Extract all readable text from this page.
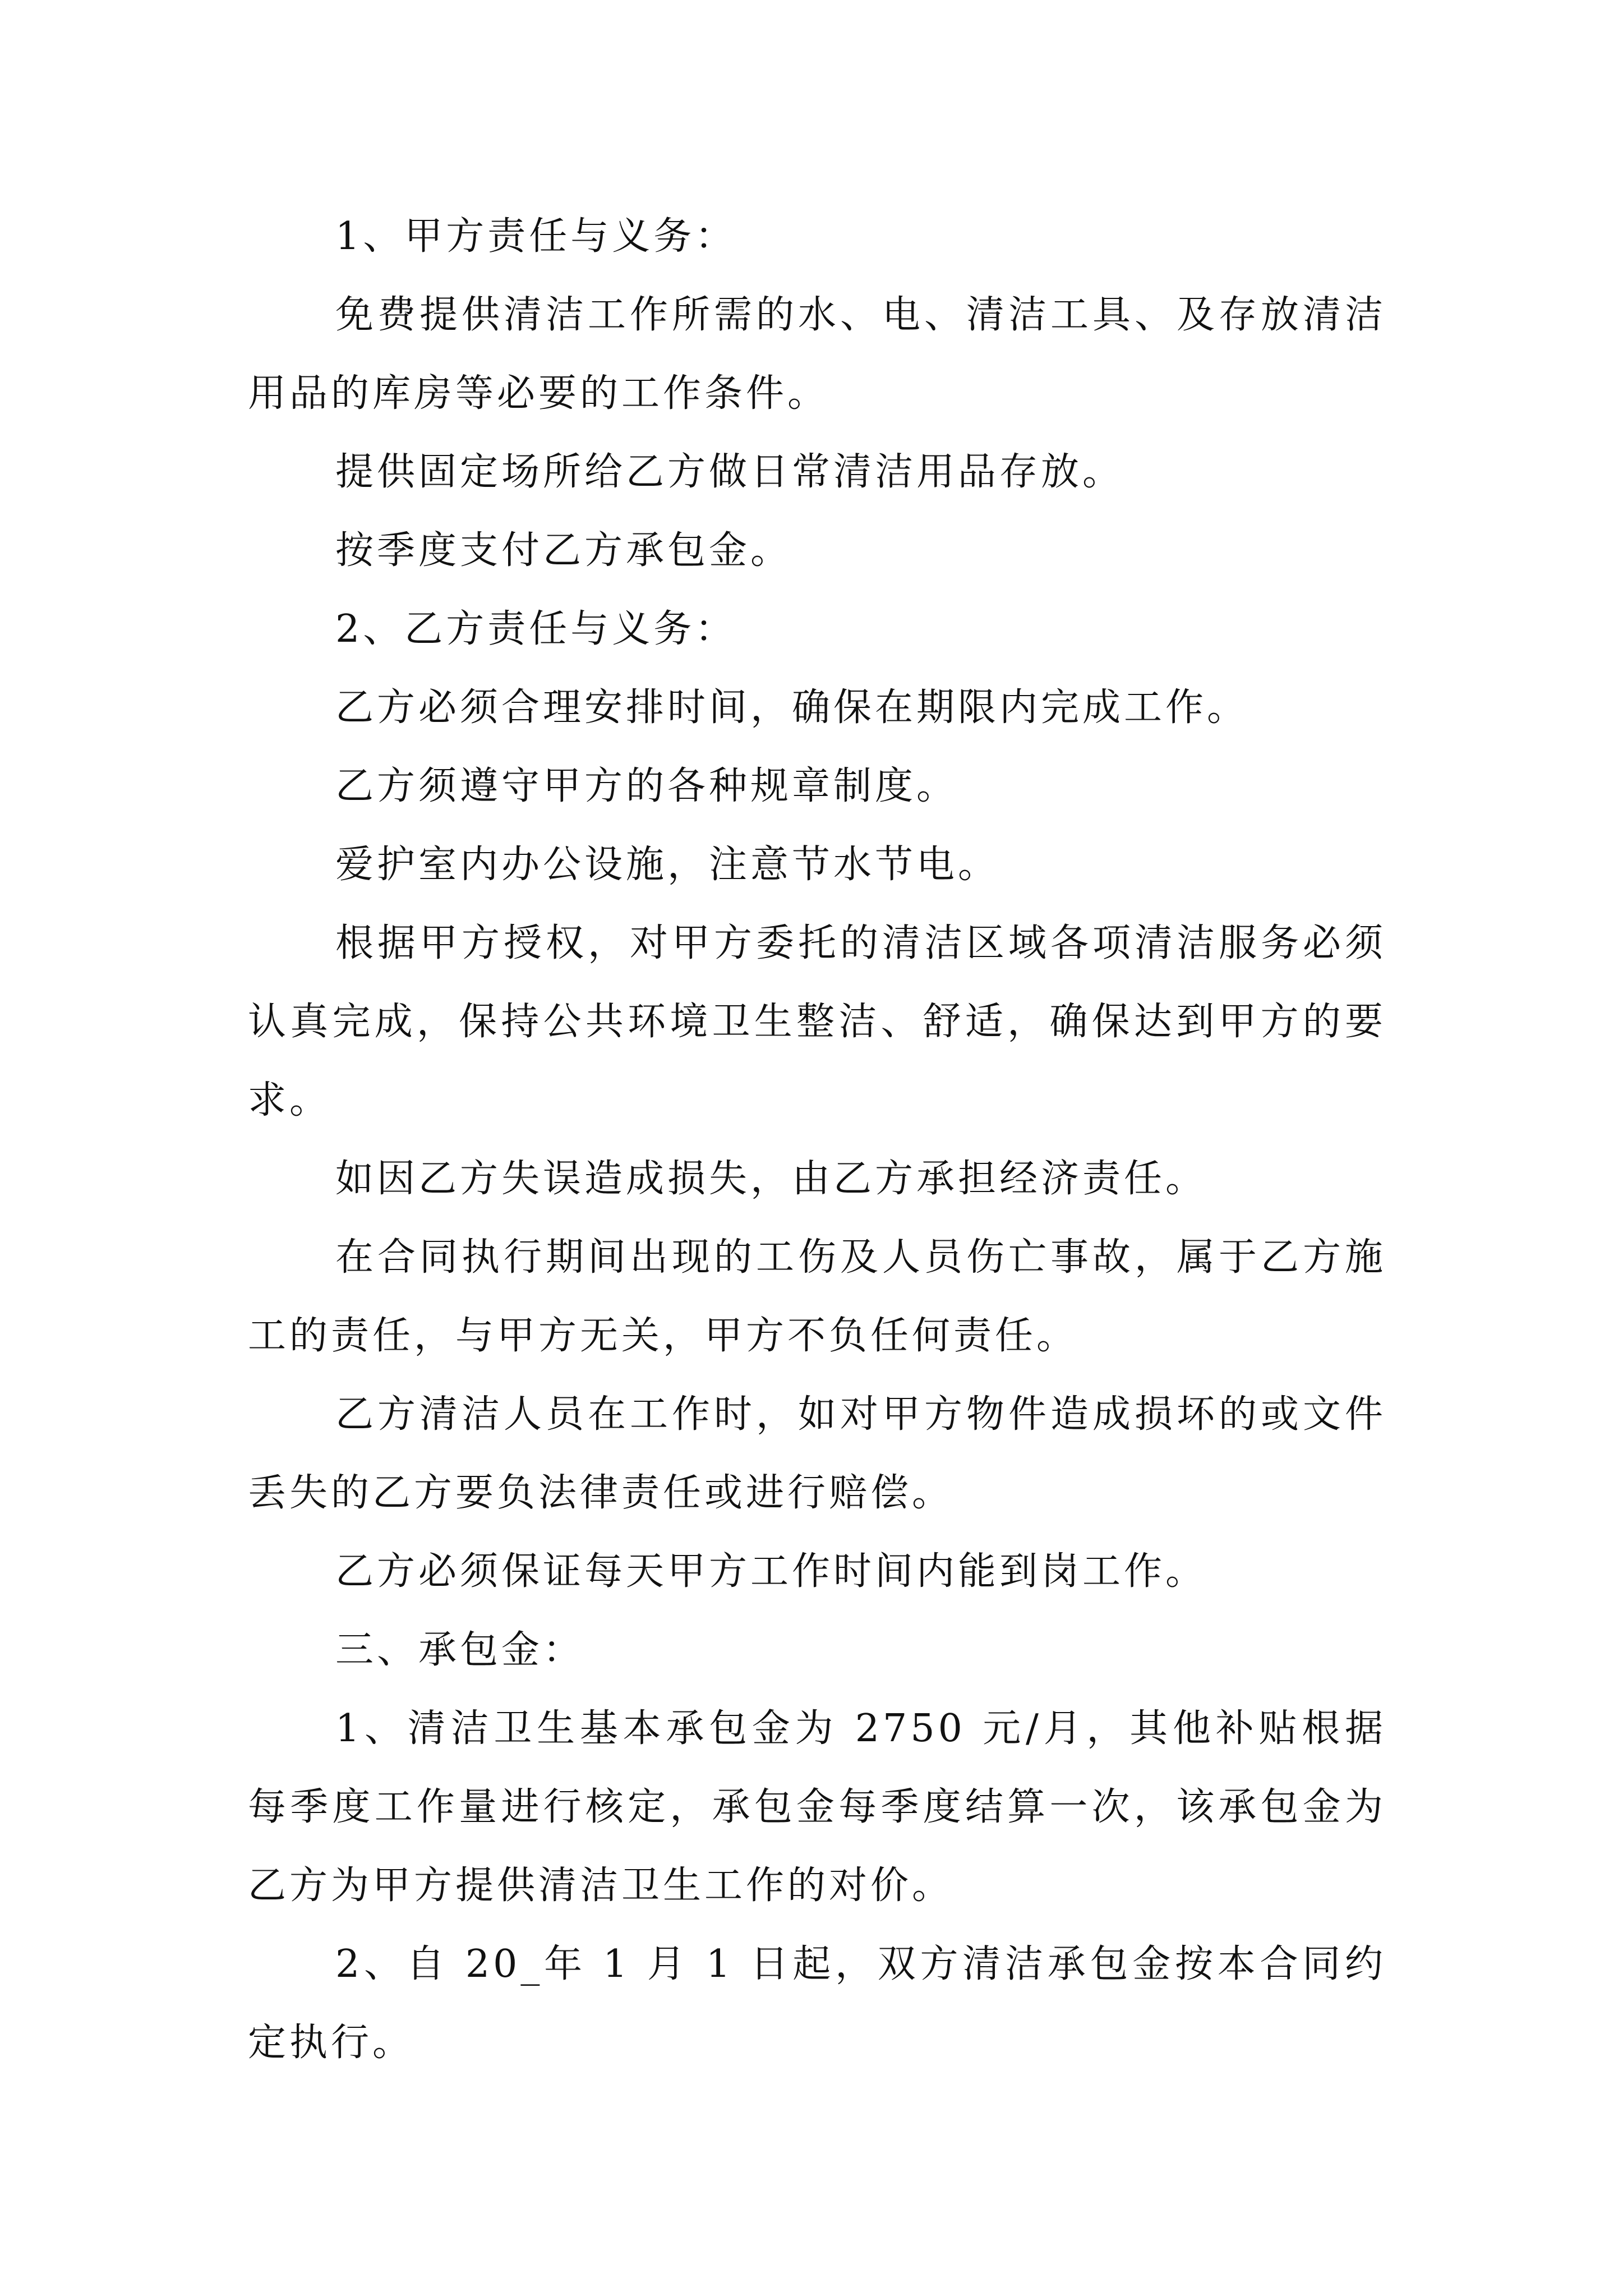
1、甲方责任与义务：

免费提供清洁工作所需的水、电、清洁工具、及存放清洁用品的库房等必要的工作条件。

提供固定场所给乙方做日常清洁用品存放。

按季度支付乙方承包金。

2、乙方责任与义务：

乙方必须合理安排时间，确保在期限内完成工作。

乙方须遵守甲方的各种规章制度。

爱护室内办公设施，注意节水节电。

根据甲方授权，对甲方委托的清洁区域各项清洁服务必须认真完成，保持公共环境卫生整洁、舒适，确保达到甲方的要求。

如因乙方失误造成损失，由乙方承担经济责任。

在合同执行期间出现的工伤及人员伤亡事故，属于乙方施工的责任，与甲方无关，甲方不负任何责任。

乙方清洁人员在工作时，如对甲方物件造成损坏的或文件丢失的乙方要负法律责任或进行赔偿。

乙方必须保证每天甲方工作时间内能到岗工作。

三、承包金：

1、清洁卫生基本承包金为 2750 元/月，其他补贴根据每季度工作量进行核定，承包金每季度结算一次，该承包金为乙方为甲方提供清洁卫生工作的对价。

2、自 20_年 1 月 1 日起，双方清洁承包金按本合同约定执行。
